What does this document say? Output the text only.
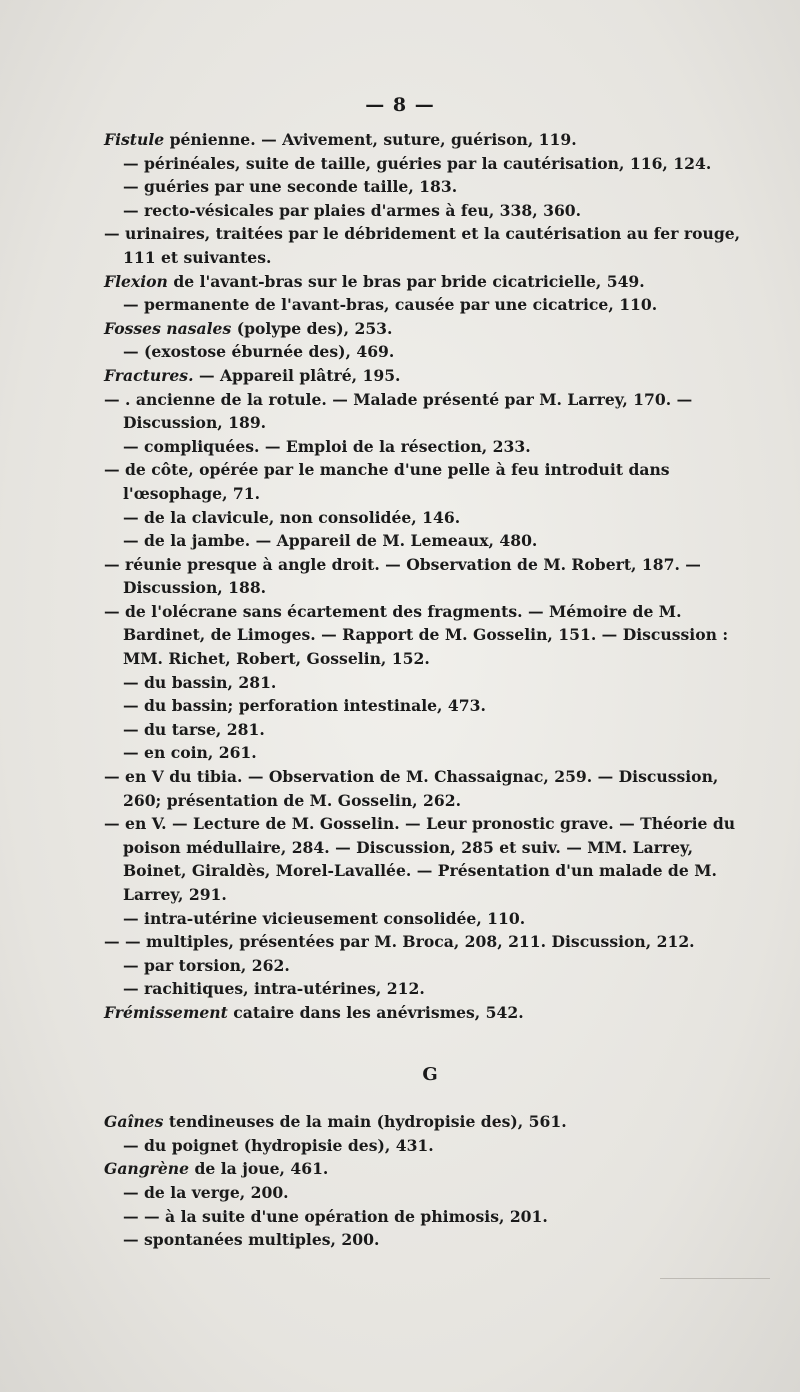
— 8 —

Fistule pénienne. — Avivement, suture, guérison, 119.

— périnéales, suite de taille, guéries par la cautérisation, 116, 124.

— guéries par une seconde taille, 183.

— recto-vésicales par plaies d'armes à feu, 338, 360.

— urinaires, traitées par le débridement et la cautérisation au fer rouge, 111 et suivantes.

Flexion de l'avant-bras sur le bras par bride cicatricielle, 549.

— permanente de l'avant-bras, causée par une cicatrice, 110.

Fosses nasales (polype des), 253.

— (exostose éburnée des), 469.

Fractures. — Appareil plâtré, 195.

— . ancienne de la rotule. — Malade présenté par M. Larrey, 170. — Discussion, 189.

— compliquées. — Emploi de la résection, 233.

— de côte, opérée par le manche d'une pelle à feu introduit dans l'œsophage, 71.

— de la clavicule, non consolidée, 146.

— de la jambe. — Appareil de M. Lemeaux, 480.

— réunie presque à angle droit. — Observation de M. Robert, 187. — Discussion, 188.

— de l'olécrane sans écartement des fragments. — Mémoire de M. Bardinet, de Limoges. — Rapport de M. Gosselin, 151. — Discussion : MM. Richet, Robert, Gosselin, 152.

— du bassin, 281.

— du bassin; perforation intestinale, 473.

— du tarse, 281.

— en coin, 261.

— en V du tibia. — Observation de M. Chassaignac, 259. — Discussion, 260; présentation de M. Gosselin, 262.

— en V. — Lecture de M. Gosselin. — Leur pronostic grave. — Théorie du poison médullaire, 284. — Discussion, 285 et suiv. — MM. Larrey, Boinet, Giraldès, Morel-Lavallée. — Présentation d'un malade de M. Larrey, 291.

— intra-utérine vicieusement consolidée, 110.

— — multiples, présentées par M. Broca, 208, 211. Discussion, 212.

— par torsion, 262.

— rachitiques, intra-utérines, 212.

Frémissement cataire dans les anévrismes, 542.

G

Gaînes tendineuses de la main (hydropisie des), 561.

— du poignet (hydropisie des), 431.

Gangrène de la joue, 461.

— de la verge, 200.

— — à la suite d'une opération de phimosis, 201.

— spontanées multiples, 200.
